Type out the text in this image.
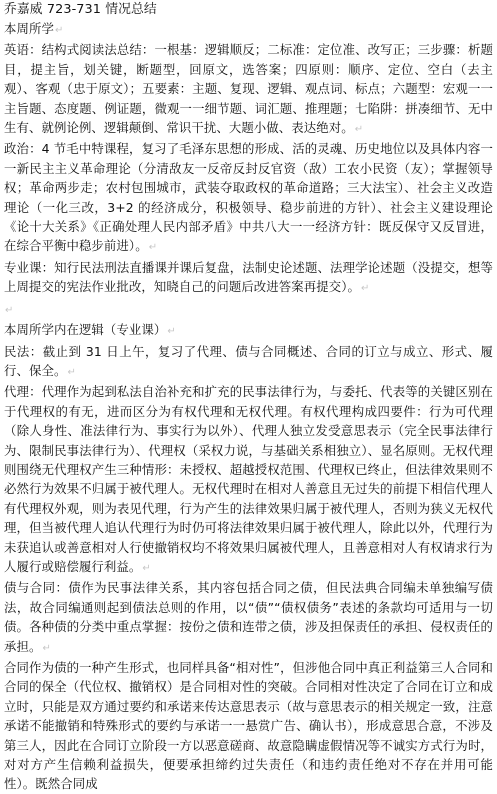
乔嘉威 723-731 情况总结

本周所学↵

英语：结构式阅读法总结：一根基：逻辑顺反；二标准：定位准、改写正；三步骤：析题目，提主旨，划关键，断题型，回原文，选答案；四原则：顺序、定位、空白（去主观）、客观（忠于原文）；五要素：主题、复现、逻辑、观点词、标点；六题型：宏观一一主旨题、态度题、例证题，微观一一细节题、词汇题、推理题；七陷阱：拼凑细节、无中生有、就例论例、逻辑颠倒、常识干扰、大题小做、表达绝对。↵

政治：4 节毛中特课程，复习了毛泽东思想的形成、活的灵魂、历史地位以及具体内容一一新民主主义革命理论（分清敌友一反帝反封反官资（敌）工农小民资（友）；掌握领导权；革命两步走；农村包围城市，武装夺取政权的革命道路；三大法宝）、社会主义改造理论（一化三改，3+2 的经济成分，积极领导、稳步前进的方针）、社会主义建设理论《论十大关系》《正确处理人民内部矛盾》中共八大一一经济方针：既反保守又反冒进，在综合平衡中稳步前进）。↵

专业课：知行民法刑法直播课并课后复盘，法制史论述题、法理学论述题（没提交，想等上周提交的宪法作业批改，知晓自己的问题后改进答案再提交）。↵

↵

本周所学内在逻辑（专业课）↵

民法：截止到 31 日上午，复习了代理、债与合同概述、合同的订立与成立、形式、履行、保全。↵

代理：代理作为起到私法自治补充和扩充的民事法律行为，与委托、代表等的关键区别在于代理权的有无，进而区分为有权代理和无权代理。有权代理构成四要件：行为可代理（除人身性、准法律行为、事实行为以外）、代理人独立发受意思表示（完全民事法律行为、限制民事法律行为）、代理权（采权力说，与基础关系相独立）、显名原则。无权代理则围绕无代理权产生三种情形：未授权、超越授权范围、代理权已终止，但法律效果则不必然行为效果不归属于被代理人。无权代理时在相对人善意且无过失的前提下相信代理人有代理权外观，则为表见代理，行为产生的法律效果归属于被代理人，否则为狭义无权代理，但当被代理人追认代理行为时仍可将法律效果归属于被代理人，除此以外，代理行为未获追认或善意相对人行使撤销权均不将效果归属被代理人，且善意相对人有权请求行为人履行或赔偿履行利益。↵

债与合同：债作为民事法律关系，其内容包括合同之债，但民法典合同编未单独编写债法，故合同编通则起到债法总则的作用，以“债”“债权债务”表述的条款均可适用与一切债。各种债的分类中重点掌握：按份之债和连带之债，涉及担保责任的承担、侵权责任的承担。↵

合同作为债的一种产生形式，也同样具备“相对性”，但涉他合同中真正利益第三人合同和合同的保全（代位权、撤销权）是合同相对性的突破。合同相对性决定了合同在订立和成立时，只能是双方通过要约和承诺来传达意思表示（故与意思表示的相关规定一致，注意承诺不能撤销和特殊形式的要约与承诺一一悬赏广告、确认书），形成意思合意，不涉及第三人，因此在合同订立阶段一方以恶意磋商、故意隐瞒虚假情况等不诚实方式行为时，对对方产生信赖利益损失，便要承担缔约过失责任（和违约责任绝对不存在并用可能性）。既然合同成
